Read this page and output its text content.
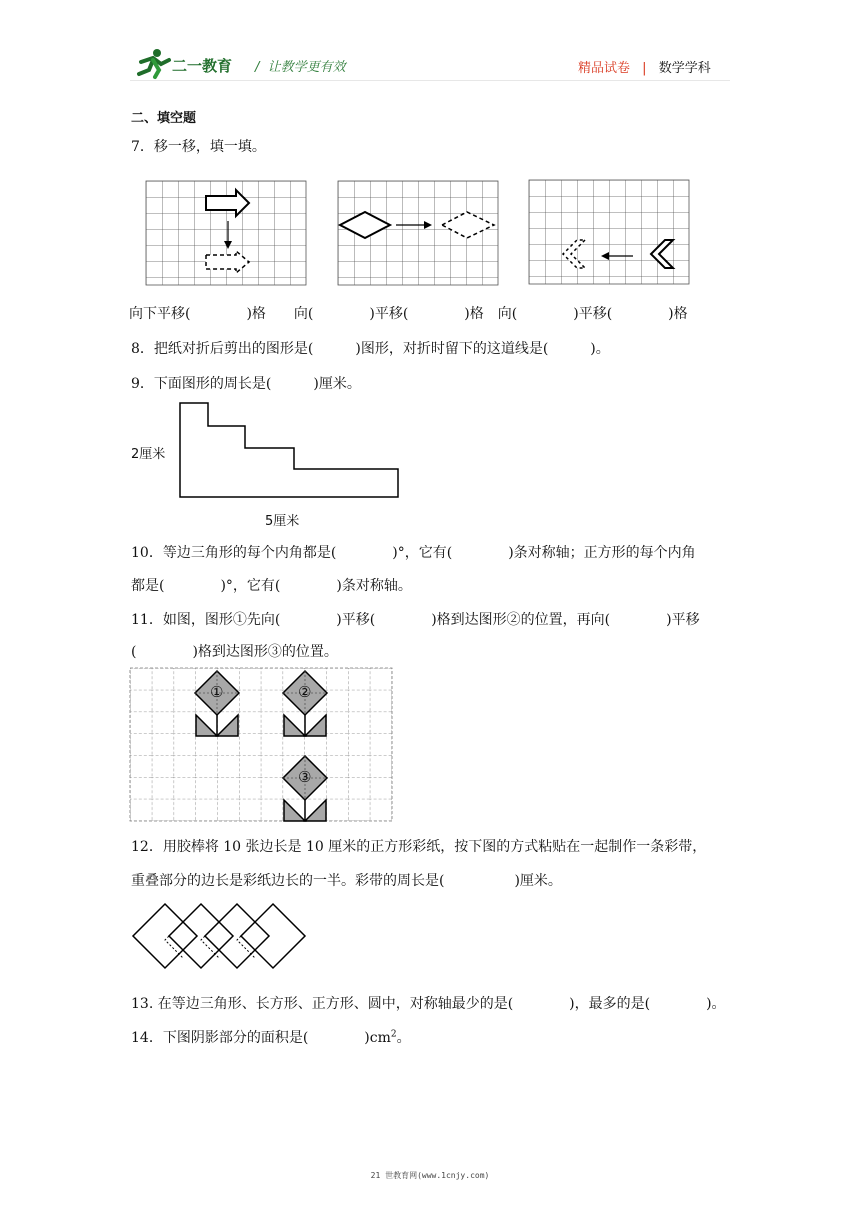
二一教育 /  让教学更有效	精品试卷 | 数学学科
二、填空题
7．移一移，填一填。
向下平移(　　　　)格　　向(　　　　)平移(　　　　)格　向(　　　　)平移(　　　　)格
8．把纸对折后剪出的图形是(　　　)图形，对折时留下的这道线是(　　　)。
9．下面图形的周长是(　　　)厘米。
2厘米
5厘米
10．等边三角形的每个内角都是(　　　　)°，它有(　　　　)条对称轴；正方形的每个内角
都是(　　　　)°，它有(　　　　)条对称轴。
11．如图，图形①先向(　　　　)平移(　　　　)格到达图形②的位置，再向(　　　　)平移
(　　　　)格到达图形③的位置。
①	②
③
12．用胶棒将 10 张边长是 10 厘米的正方形彩纸，按下图的方式粘贴在一起制作一条彩带，
重叠部分的边长是彩纸边长的一半。彩带的周长是(　　　　　)厘米。
13. 在等边三角形、长方形、正方形、圆中，对称轴最少的是(　　　　)，最多的是(　　　　)。
14．下图阴影部分的面积是(　　　　)$cm^2$。
21 世教育网(www.1cnjy.com)
